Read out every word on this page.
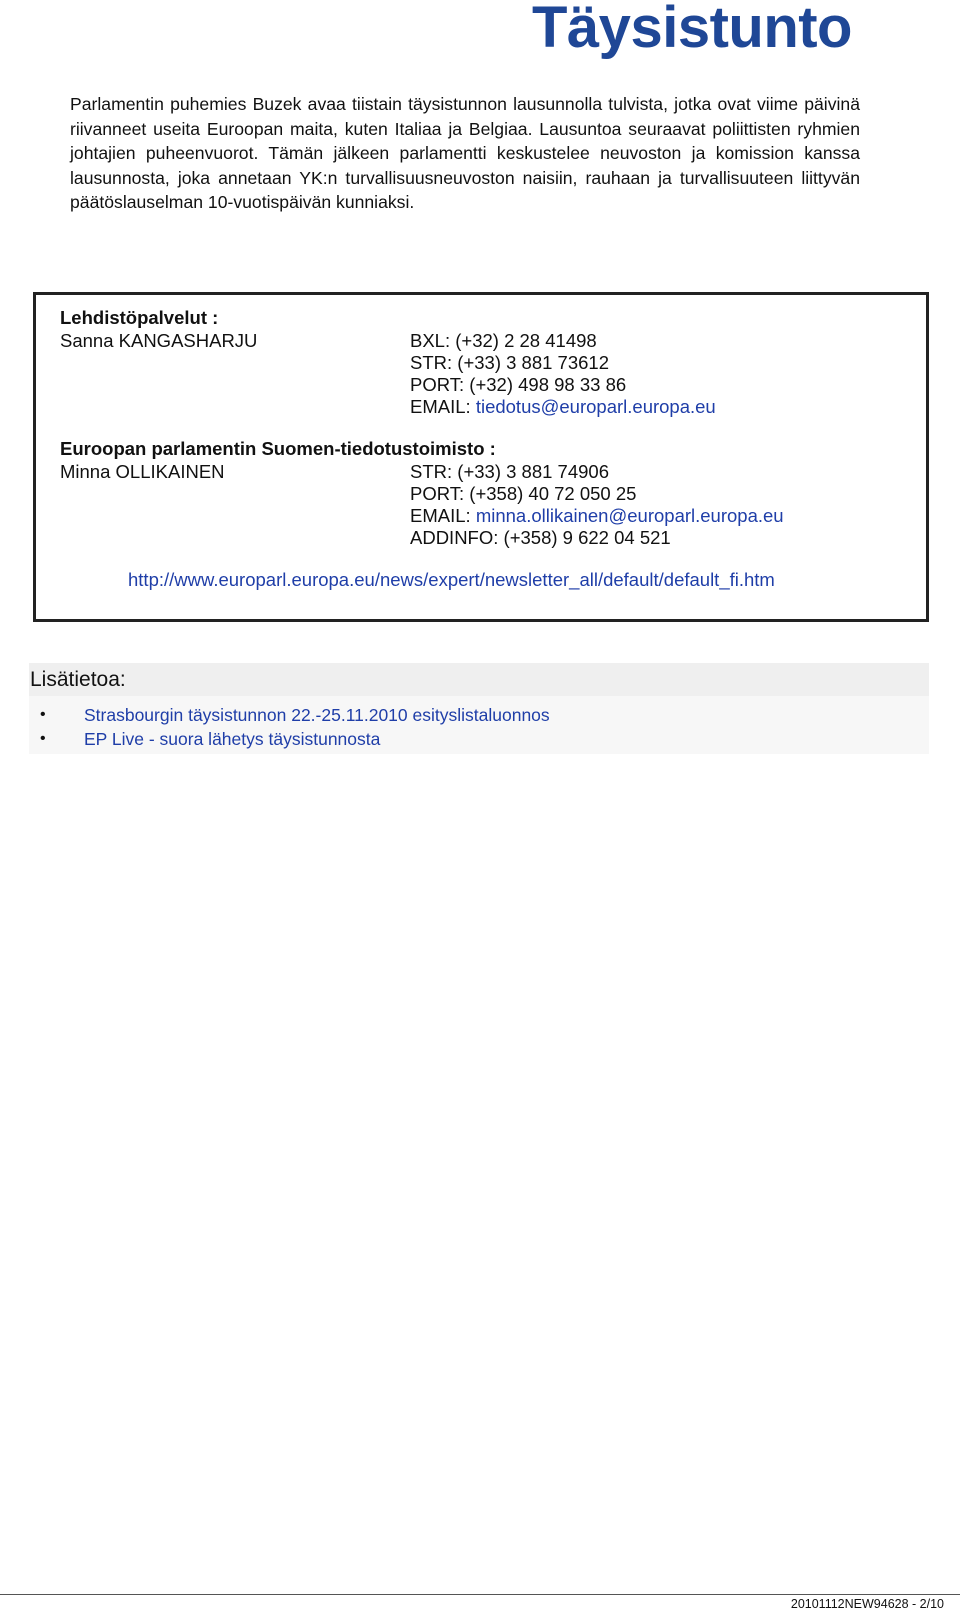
Täysistunto

Parlamentin puhemies Buzek avaa tiistain täysistunnon lausunnolla tulvista, jotka ovat viime päivinä riivanneet useita Euroopan maita, kuten Italiaa ja Belgiaa. Lausuntoa seuraavat poliittisten ryhmien johtajien puheenvuorot. Tämän jälkeen parlamentti keskustelee neuvoston ja komission kanssa lausunnosta, joka annetaan YK:n turvallisuusneuvoston naisiin, rauhaan ja turvallisuuteen liittyvän päätöslauselman 10-vuotispäivän kunniaksi.

Lehdistöpalvelut :
Sanna KANGASHARJU	BXL: (+32) 2 28 41498
STR: (+33) 3 881 73612
PORT: (+32) 498 98 33 86
EMAIL: tiedotus@europarl.europa.eu
Euroopan parlamentin Suomen-tiedotustoimisto :
Minna OLLIKAINEN	STR: (+33) 3 881 74906
PORT: (+358) 40 72 050 25
EMAIL: minna.ollikainen@europarl.europa.eu
ADDINFO: (+358) 9 622 04 521
http://www.europarl.europa.eu/news/expert/newsletter_all/default/default_fi.htm
Lisätietoa:
• Strasbourgin täysistunnon 22.-25.11.2010 esityslistaluonnos
• EP Live - suora lähetys täysistunnosta
20101112NEW94628 - 2/10
